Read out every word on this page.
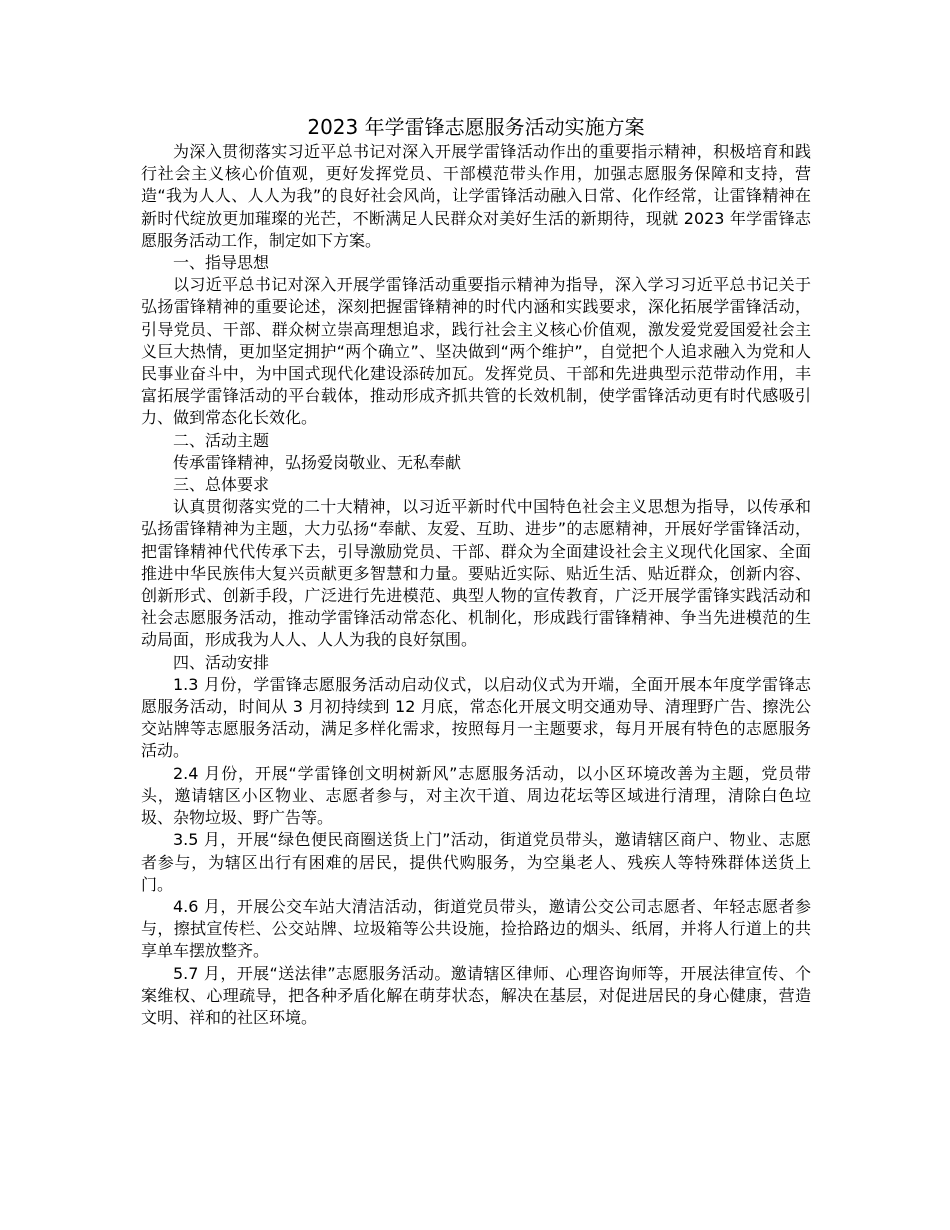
2023 年学雷锋志愿服务活动实施方案

为深入贯彻落实习近平总书记对深入开展学雷锋活动作出的重要指示精神，积极培育和践行社会主义核心价值观，更好发挥党员、干部模范带头作用，加强志愿服务保障和支持，营造“我为人人、人人为我”的良好社会风尚，让学雷锋活动融入日常、化作经常，让雷锋精神在新时代绽放更加璀璨的光芒，不断满足人民群众对美好生活的新期待，现就 2023 年学雷锋志愿服务活动工作，制定如下方案。

一、指导思想

以习近平总书记对深入开展学雷锋活动重要指示精神为指导，深入学习习近平总书记关于弘扬雷锋精神的重要论述，深刻把握雷锋精神的时代内涵和实践要求，深化拓展学雷锋活动，引导党员、干部、群众树立崇高理想追求，践行社会主义核心价值观，激发爱党爱国爱社会主义巨大热情，更加坚定拥护“两个确立”、坚决做到“两个维护”，自觉把个人追求融入为党和人民事业奋斗中，为中国式现代化建设添砖加瓦。发挥党员、干部和先进典型示范带动作用，丰富拓展学雷锋活动的平台载体，推动形成齐抓共管的长效机制，使学雷锋活动更有时代感吸引力、做到常态化长效化。

二、活动主题

传承雷锋精神，弘扬爱岗敬业、无私奉献

三、总体要求

认真贯彻落实党的二十大精神，以习近平新时代中国特色社会主义思想为指导，以传承和弘扬雷锋精神为主题，大力弘扬“奉献、友爱、互助、进步”的志愿精神，开展好学雷锋活动，把雷锋精神代代传承下去，引导激励党员、干部、群众为全面建设社会主义现代化国家、全面推进中华民族伟大复兴贡献更多智慧和力量。要贴近实际、贴近生活、贴近群众，创新内容、创新形式、创新手段，广泛进行先进模范、典型人物的宣传教育，广泛开展学雷锋实践活动和社会志愿服务活动，推动学雷锋活动常态化、机制化，形成践行雷锋精神、争当先进模范的生动局面，形成我为人人、人人为我的良好氛围。

四、活动安排

1.3 月份，学雷锋志愿服务活动启动仪式，以启动仪式为开端，全面开展本年度学雷锋志愿服务活动，时间从 3 月初持续到 12 月底，常态化开展文明交通劝导、清理野广告、擦洗公交站牌等志愿服务活动，满足多样化需求，按照每月一主题要求，每月开展有特色的志愿服务活动。

2.4 月份，开展“学雷锋创文明树新风”志愿服务活动，以小区环境改善为主题，党员带头，邀请辖区小区物业、志愿者参与，对主次干道、周边花坛等区域进行清理，清除白色垃圾、杂物垃圾、野广告等。

3.5 月，开展“绿色便民商圈送货上门”活动，街道党员带头，邀请辖区商户、物业、志愿者参与，为辖区出行有困难的居民，提供代购服务，为空巢老人、残疾人等特殊群体送货上门。

4.6 月，开展公交车站大清洁活动，街道党员带头，邀请公交公司志愿者、年轻志愿者参与，擦拭宣传栏、公交站牌、垃圾箱等公共设施，捡拾路边的烟头、纸屑，并将人行道上的共享单车摆放整齐。

5.7 月，开展“送法律”志愿服务活动。邀请辖区律师、心理咨询师等，开展法律宣传、个案维权、心理疏导，把各种矛盾化解在萌芽状态，解决在基层，对促进居民的身心健康，营造文明、祥和的社区环境。
